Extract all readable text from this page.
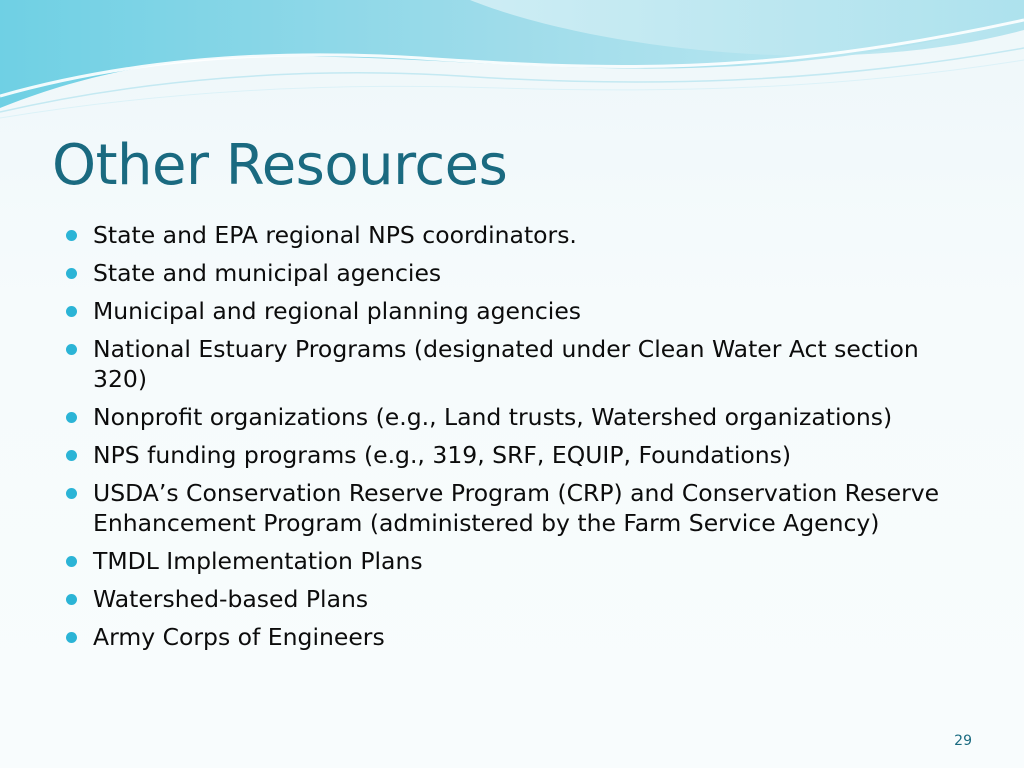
Other Resources
State and EPA regional NPS coordinators.
State and municipal agencies
Municipal and regional planning agencies
National Estuary Programs (designated under Clean Water Act section 320)
Nonprofit organizations (e.g., Land trusts, Watershed organizations)
NPS funding programs (e.g., 319, SRF, EQUIP, Foundations)
USDA’s Conservation Reserve Program (CRP) and Conservation Reserve Enhancement Program (administered by the Farm Service Agency)
TMDL Implementation Plans
Watershed-based Plans
Army Corps of Engineers
29
